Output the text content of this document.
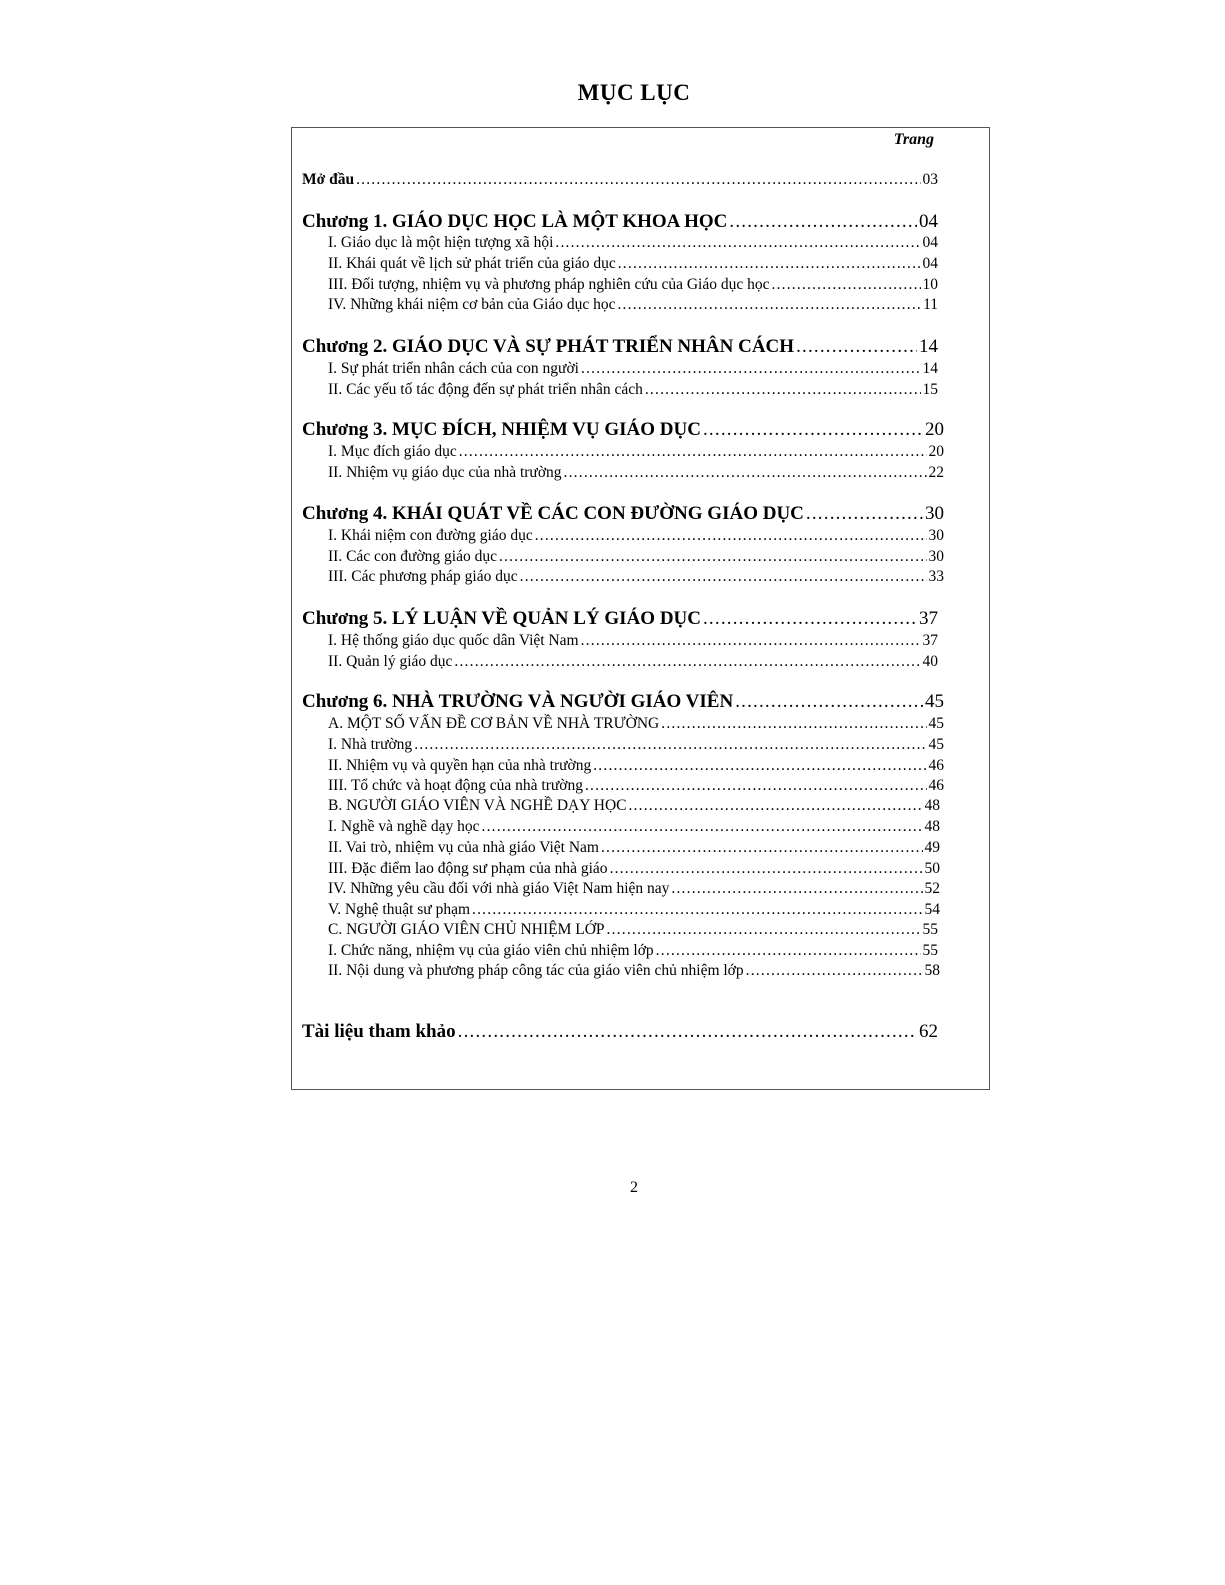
MỤC LỤC
Trang
Mở đầu .....	03
Chương 1. GIÁO DỤC HỌC LÀ MỘT KHOA HỌC .....	04
I. Giáo dục là một hiện tượng xã hội .....	04
II. Khái quát về lịch sử phát triển của giáo dục .....	04
III. Đối tượng, nhiệm vụ và phương pháp nghiên cứu của Giáo dục học .....	10
IV. Những khái niệm cơ bản của Giáo dục học .....	11
Chương 2. GIÁO DỤC VÀ SỰ PHÁT TRIỂN NHÂN CÁCH .....	14
I. Sự phát triển nhân cách của con người .....	14
II. Các yếu tố tác động đến sự phát triển nhân cách .....	15
Chương 3. MỤC ĐÍCH, NHIỆM VỤ GIÁO DỤC .....	20
I. Mục đích giáo dục .....	20
II. Nhiệm vụ giáo dục của nhà trường .....	22
Chương 4. KHÁI QUÁT VỀ CÁC CON ĐƯỜNG GIÁO DỤC .....	30
I. Khái niệm con đường giáo dục .....	30
II. Các con đường giáo dục .....	30
III. Các phương pháp giáo dục .....	33
Chương 5. LÝ LUẬN VỀ QUẢN LÝ GIÁO DỤC .....	37
I. Hệ thống giáo dục quốc dân Việt Nam .....	37
II. Quản lý giáo dục .....	40
Chương 6. NHÀ TRƯỜNG VÀ NGƯỜI GIÁO VIÊN .....	45
A. MỘT SỐ VẤN ĐỀ CƠ BẢN VỀ NHÀ TRƯỜNG .....	45
I. Nhà trường .....	45
II. Nhiệm vụ và quyền hạn của nhà trường .....	46
III. Tổ chức và hoạt động của nhà trường .....	46
B. NGƯỜI GIÁO VIÊN VÀ NGHỀ DẠY HỌC .....	48
I. Nghề và nghề dạy học .....	48
II. Vai trò, nhiệm vụ của nhà giáo Việt Nam .....	49
III. Đặc điểm lao động sư phạm của nhà giáo .....	50
IV. Những yêu cầu đối với nhà giáo Việt Nam hiện nay .....	52
V. Nghệ thuật sư phạm .....	54
C. NGƯỜI GIÁO VIÊN CHỦ NHIỆM LỚP .....	55
I. Chức năng, nhiệm vụ của giáo viên chủ nhiệm lớp .....	55
II. Nội dung và phương pháp công tác của giáo viên chủ nhiệm lớp .....	58
Tài liệu tham khảo .....	62
2
